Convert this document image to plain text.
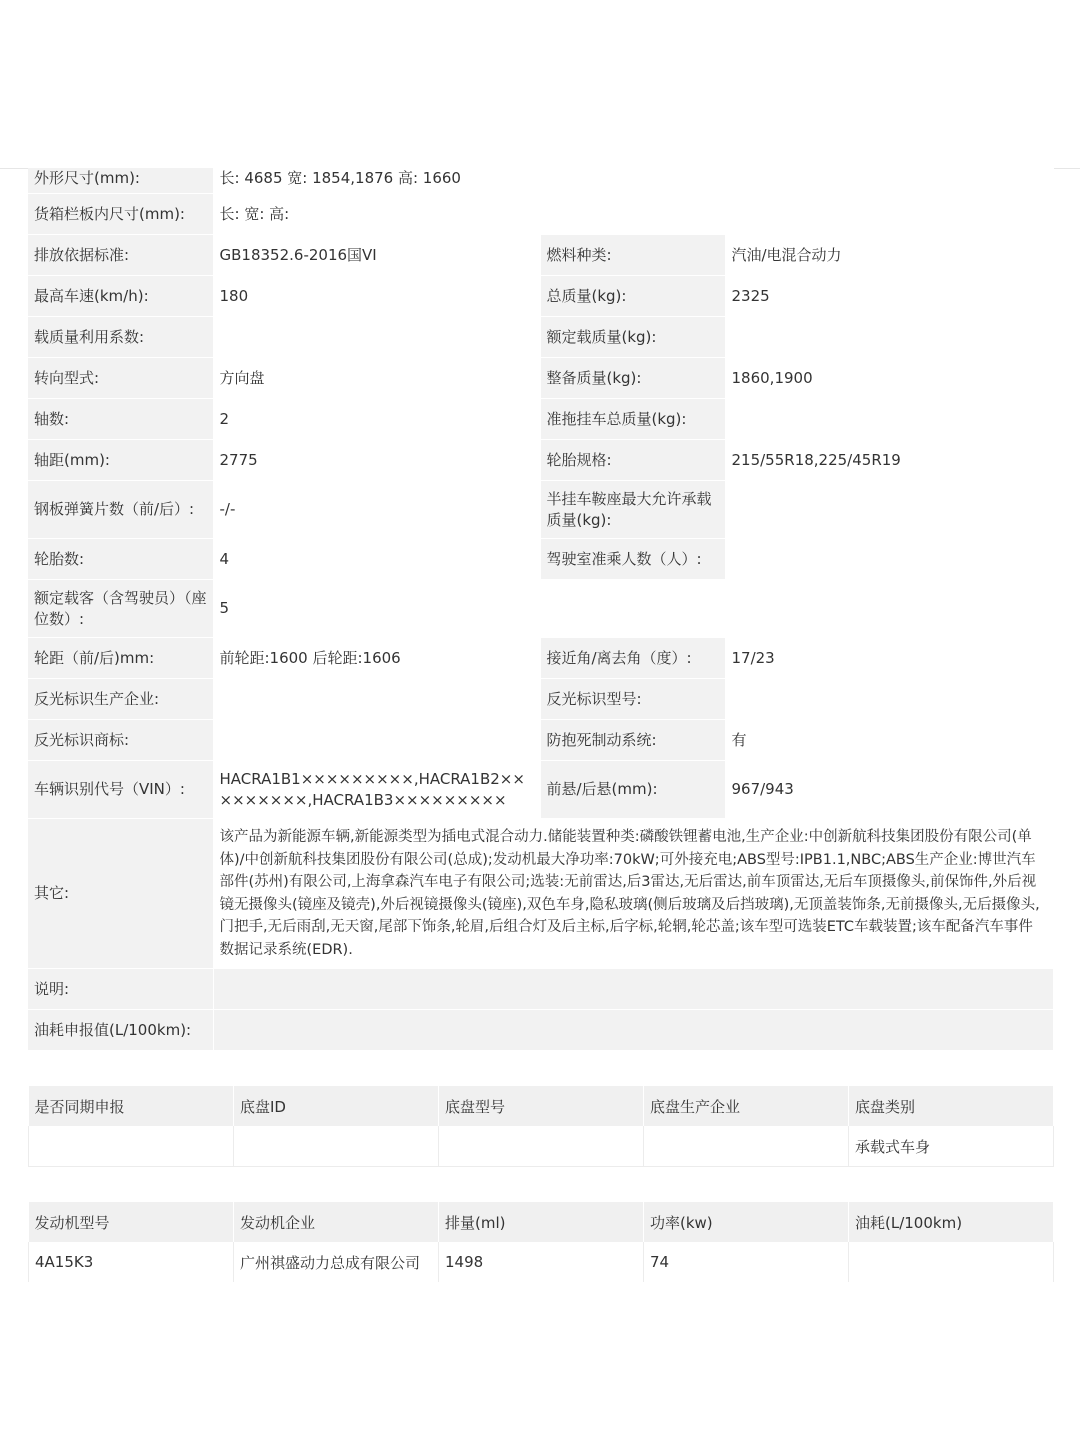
外形尺寸(mm):	长: 4685 宽: 1854,1876 高: 1660		
货箱栏板内尺寸(mm):	长: 宽: 高:		
排放依据标准:	GB18352.6-2016国VI	燃料种类:	汽油/电混合动力
最高车速(km/h):	180	总质量(kg):	2325
载质量利用系数:		额定载质量(kg):	
转向型式:	方向盘	整备质量(kg):	1860,1900
轴数:	2	准拖挂车总质量(kg):	
轴距(mm):	2775	轮胎规格:	215/55R18,225/45R19
钢板弹簧片数（前/后）:	-/-	半挂车鞍座最大允许承载质量(kg):	
轮胎数:	4	驾驶室准乘人数（人）:	
额定载客（含驾驶员）（座位数）:	5		
轮距（前/后)mm:	前轮距:1600 后轮距:1606	接近角/离去角（度）:	17/23
反光标识生产企业:		反光标识型号:	
反光标识商标:		防抱死制动系统:	有
车辆识别代号（VIN）:	HACRA1B1×××××××××,HACRA1B2×××××××××,HACRA1B3×××××××××	前悬/后悬(mm):	967/943
其它:	该产品为新能源车辆,新能源类型为插电式混合动力.储能装置种类:磷酸铁锂蓄电池,生产企业:中创新航科技集团股份有限公司(单体)/中创新航科技集团股份有限公司(总成);发动机最大净功率:70kW;可外接充电;ABS型号:IPB1.1,NBC;ABS生产企业:博世汽车部件(苏州)有限公司,上海拿森汽车电子有限公司;选装:无前雷达,后3雷达,无后雷达,前车顶雷达,无后车顶摄像头,前保饰件,外后视镜无摄像头(镜座及镜壳),外后视镜摄像头(镜座),双色车身,隐私玻璃(侧后玻璃及后挡玻璃),无顶盖装饰条,无前摄像头,无后摄像头,门把手,无后雨刮,无天窗,尾部下饰条,轮眉,后组合灯及后主标,后字标,轮辋,轮芯盖;该车型可选装ETC车载装置;该车配备汽车事件数据记录系统(EDR).		
说明:			
油耗申报值(L/100km):			
是否同期申报	底盘ID	底盘型号	底盘生产企业	底盘类别
				承载式车身
发动机型号	发动机企业	排量(ml)	功率(kw)	油耗(L/100km)
4A15K3	广州祺盛动力总成有限公司	1498	74	
